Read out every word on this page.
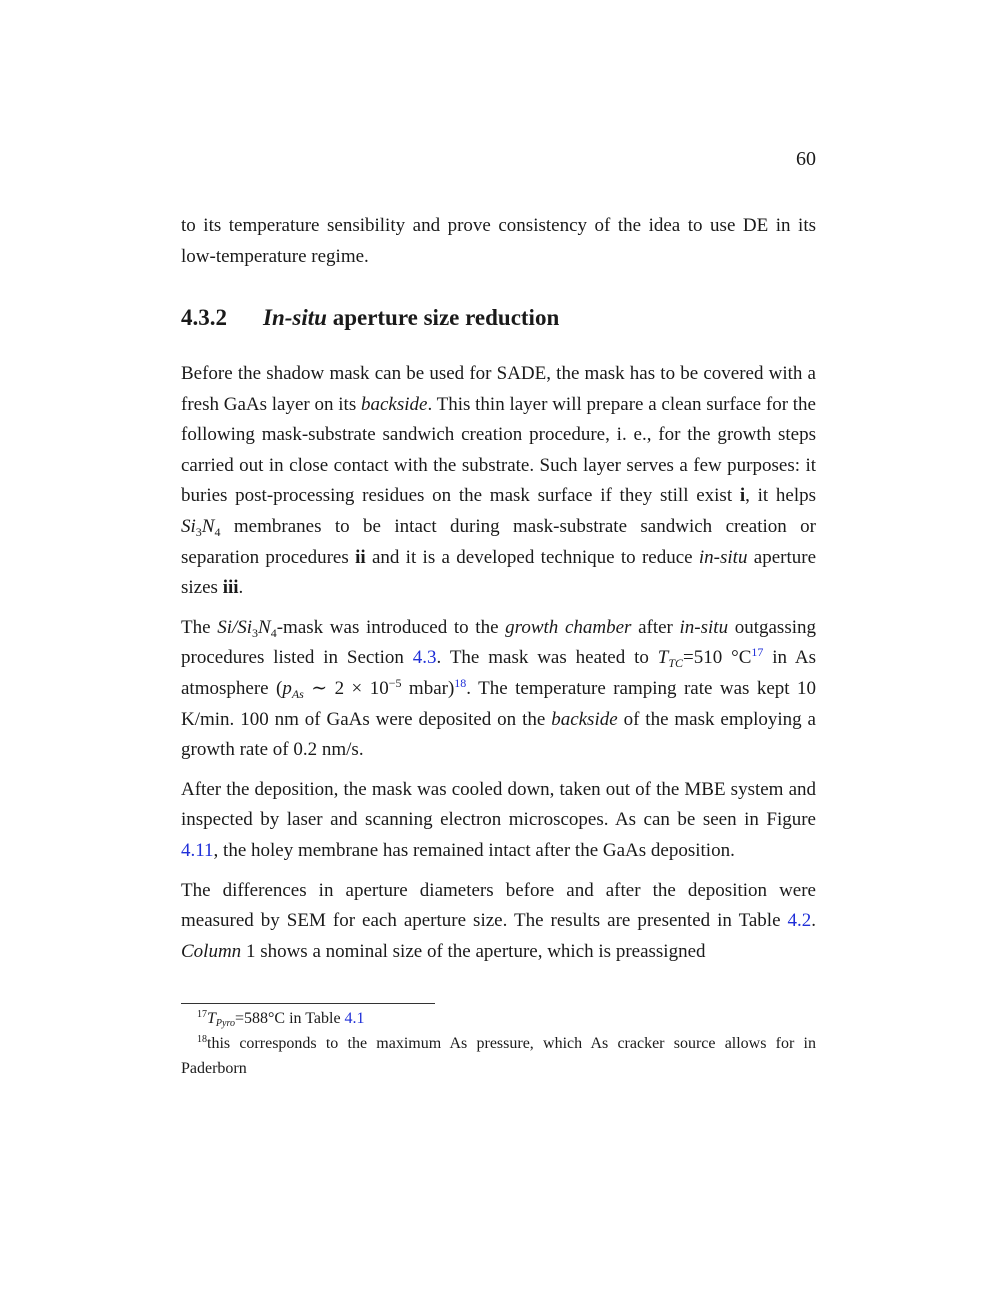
60

to its temperature sensibility and prove consistency of the idea to use DE in its low-temperature regime.

4.3.2 In-situ aperture size reduction

Before the shadow mask can be used for SADE, the mask has to be covered with a fresh GaAs layer on its backside. This thin layer will prepare a clean surface for the following mask-substrate sandwich creation procedure, i. e., for the growth steps carried out in close contact with the substrate. Such layer serves a few purposes: it buries post-processing residues on the mask surface if they still exist i, it helps $Si_3N_4$ membranes to be intact during mask-substrate sandwich creation or separation procedures ii and it is a developed technique to reduce in-situ aperture sizes iii.

The $Si/Si_3N_4$-mask was introduced to the growth chamber after in-situ outgassing procedures listed in Section 4.3. The mask was heated to $T_{TC}=510$ $^\circ C^{17}$ in As atmosphere ($p_{As}$ ∼ $2 \times 10^{-5}$ mbar)$^{18}$. The temperature ramping rate was kept 10 K/min. 100 nm of GaAs were deposited on the backside of the mask employing a growth rate of 0.2 nm/s.

After the deposition, the mask was cooled down, taken out of the MBE system and inspected by laser and scanning electron microscopes. As can be seen in Figure 4.11, the holey membrane has remained intact after the GaAs deposition.

The differences in aperture diameters before and after the deposition were measured by SEM for each aperture size. The results are presented in Table 4.2. Column 1 shows a nominal size of the aperture, which is preassigned

$^{17}T_{Pyro}=588^\circ C$ in Table 4.1

$^{18}$this corresponds to the maximum As pressure, which As cracker source allows for in Paderborn
